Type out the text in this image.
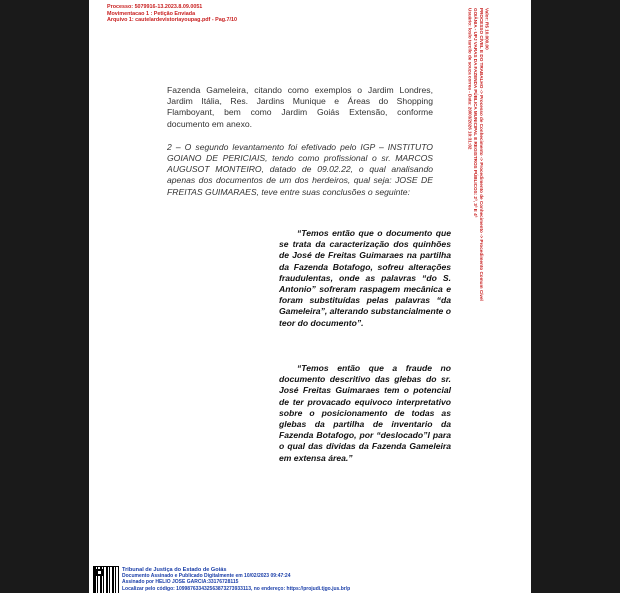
Processo: 5079916-13.2023.8.09.0051
Movimentacao 1 : Petição Enviada
Arquivo 1: cautelardevistoriayoupag.pdf - Pag.7/10	Valor: R$ 10.000,00
PROCESSO CÍVEL E DO TRABALHO -> Processo de Conhecimento -> Procedimento de Conhecimento -> Procedimento Comum Cível
GOIÂNIA - UPJ VARAS DA FAZENDA PÚBLICA MUNICIPAL E REGISTROS PÚBLICOS: 2ª, 3ª E 4ª
Usuário: loslo tarcilo de souza correa - Data: 20/03/2026 10:31:02

Fazenda Gameleira, citando como exemplos o Jardim Londres, Jardim Itália, Res. Jardins Munique e Áreas do Shopping Flamboyant, bem como Jardim Goiás Extensão, conforme documento em anexo.

2 – O segundo levantamento foi efetivado pelo IGP – INSTITUTO GOIANO DE PERICIAIS, tendo como profissional o sr. MARCOS AUGUSOT MONTEIRO, datado de 09.02.22, o qual analisando apenas dos documentos de um dos herdeiros, qual seja: JOSE DE FREITAS GUIMARAES, teve entre suas conclusões o seguinte:

“Temos então que o documento que se trata da caracterização dos quinhões de José de Freitas Guimaraes na partilha da Fazenda Botafogo, sofreu alterações fraudulentas, onde as palavras “do S. Antonio” sofreram raspagem mecânica e foram substituídas pelas palavras “da Gameleira”, alterando substancialmente o teor do documento”.
“Temos então que a fraude no documento descritivo das glebas do sr. José Freitas Guimaraes tem o potencial de ter provacado equivoco interpretativo sobre o posicionamento de todas as glebas da partilha de inventario da Fazenda Botafogo, por “deslocado”l para o qual das dividas da Fazenda Gameleira em extensa área.”
Tribunal de Justiça do Estado de Goiás
Documento Assinado e Publicado Digitalmente em 10/02/2023 09:47:24
Assinado por HELIO JOSE GARCIA:33176728115
Localizar pelo código: 109987633432563873273933113, no endereço: https://projudi.tjgo.jus.br/p
